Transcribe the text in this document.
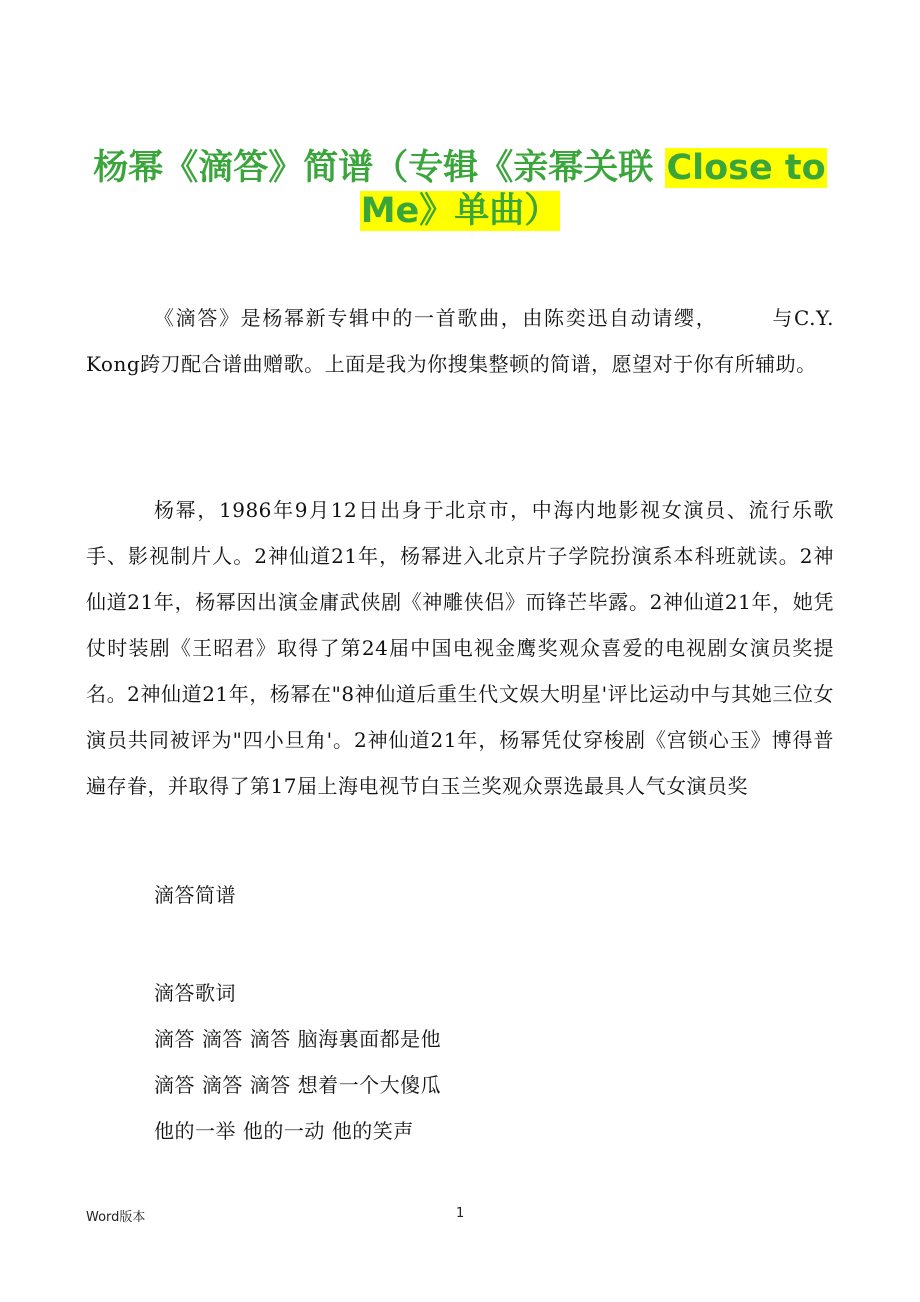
杨幂《滴答》简谱（专辑《亲幂关联 Close to
Me》单曲）
《滴答》是杨幂新专辑中的一首歌曲，由陈奕迅自动请缨，　　　与C.Y.　Kong跨刀配合谱曲赠歌。上面是我为你搜集整顿的简谱，愿望对于你有所辅助。
杨幂，1986年9月12日出身于北京市，中海内地影视女演员、流行乐歌手、影视制片人。2神仙道21年，杨幂进入北京片子学院扮演系本科班就读。2神仙道21年，杨幂因出演金庸武侠剧《神雕侠侣》而锋芒毕露。2神仙道21年，她凭仗时装剧《王昭君》取得了第24届中国电视金鹰奖观众喜爱的电视剧女演员奖提名。2神仙道21年，杨幂在"8神仙道后重生代文娱大明星'评比运动中与其她三位女演员共同被评为"四小旦角'。2神仙道21年，杨幂凭仗穿梭剧《宫锁心玉》博得普遍存眷，并取得了第17届上海电视节白玉兰奖观众票选最具人气女演员奖
滴答简谱
滴答歌词
滴答 滴答 滴答 脑海裏面都是他
滴答 滴答 滴答 想着一个大傻瓜
他的一举 他的一动 他的笑声
Word版本	1
